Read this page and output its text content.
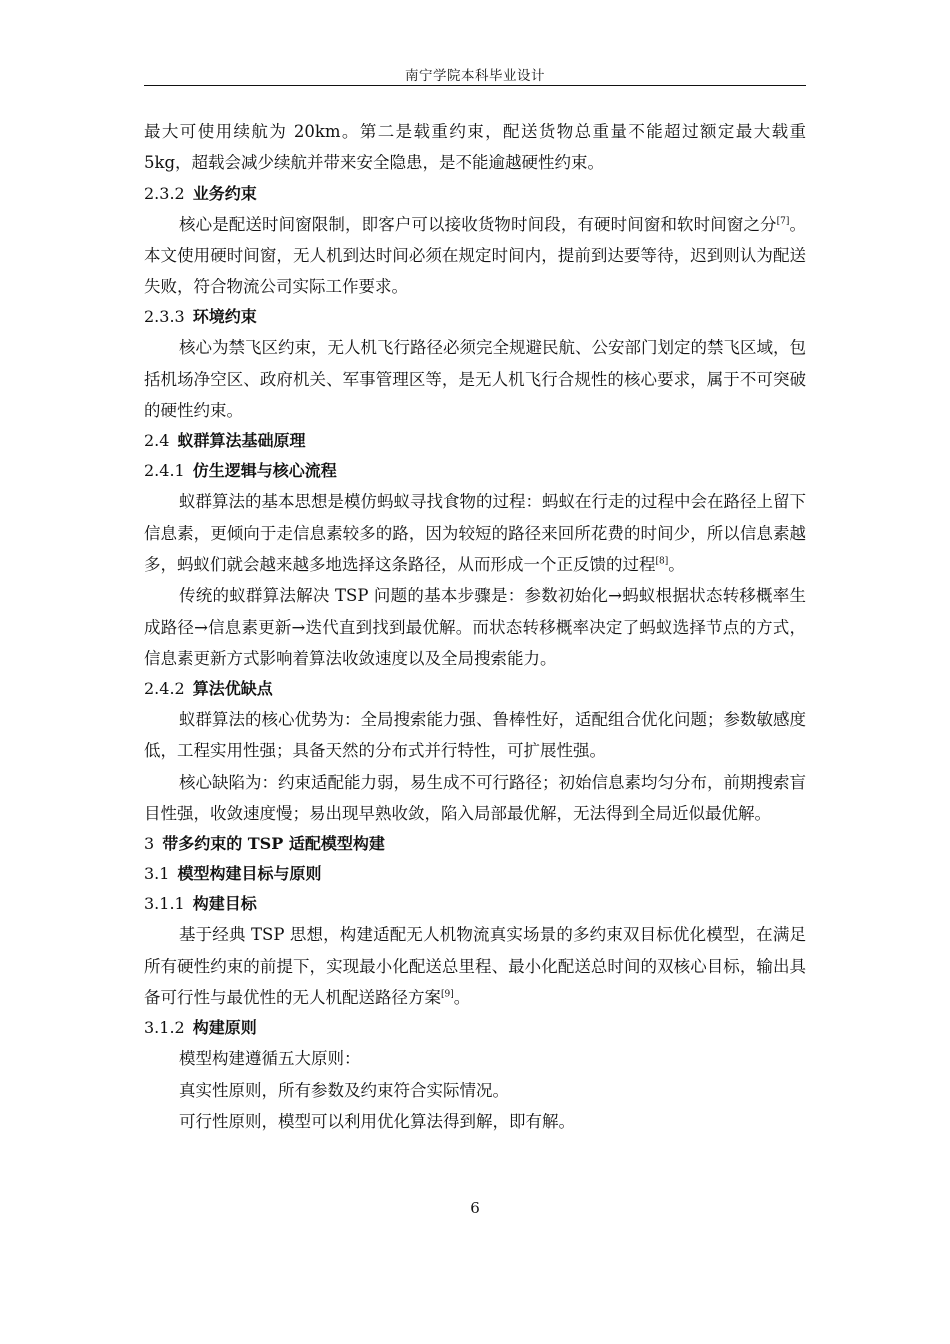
南宁学院本科毕业设计

最大可使用续航为 20km。第二是载重约束，配送货物总重量不能超过额定最大载重 5kg，超载会减少续航并带来安全隐患，是不能逾越硬性约束。

2.3.2 业务约束

核心是配送时间窗限制，即客户可以接收货物时间段，有硬时间窗和软时间窗之分[7]。本文使用硬时间窗，无人机到达时间必须在规定时间内，提前到达要等待，迟到则认为配送失败，符合物流公司实际工作要求。

2.3.3 环境约束

核心为禁飞区约束，无人机飞行路径必须完全规避民航、公安部门划定的禁飞区域，包括机场净空区、政府机关、军事管理区等，是无人机飞行合规性的核心要求，属于不可突破的硬性约束。

2.4 蚁群算法基础原理
2.4.1 仿生逻辑与核心流程

蚁群算法的基本思想是模仿蚂蚁寻找食物的过程：蚂蚁在行走的过程中会在路径上留下信息素，更倾向于走信息素较多的路，因为较短的路径来回所花费的时间少，所以信息素越多，蚂蚁们就会越来越多地选择这条路径，从而形成一个正反馈的过程[8]。

传统的蚁群算法解决 TSP 问题的基本步骤是：参数初始化→蚂蚁根据状态转移概率生成路径→信息素更新→迭代直到找到最优解。而状态转移概率决定了蚂蚁选择节点的方式，信息素更新方式影响着算法收敛速度以及全局搜索能力。

2.4.2 算法优缺点

蚁群算法的核心优势为：全局搜索能力强、鲁棒性好，适配组合优化问题；参数敏感度低，工程实用性强；具备天然的分布式并行特性，可扩展性强。

核心缺陷为：约束适配能力弱，易生成不可行路径；初始信息素均匀分布，前期搜索盲目性强，收敛速度慢；易出现早熟收敛，陷入局部最优解，无法得到全局近似最优解。

3 带多约束的 TSP 适配模型构建
3.1 模型构建目标与原则
3.1.1 构建目标

基于经典 TSP 思想，构建适配无人机物流真实场景的多约束双目标优化模型，在满足所有硬性约束的前提下，实现最小化配送总里程、最小化配送总时间的双核心目标，输出具备可行性与最优性的无人机配送路径方案[9]。

3.1.2 构建原则

模型构建遵循五大原则：

真实性原则，所有参数及约束符合实际情况。

可行性原则，模型可以利用优化算法得到解，即有解。

6
